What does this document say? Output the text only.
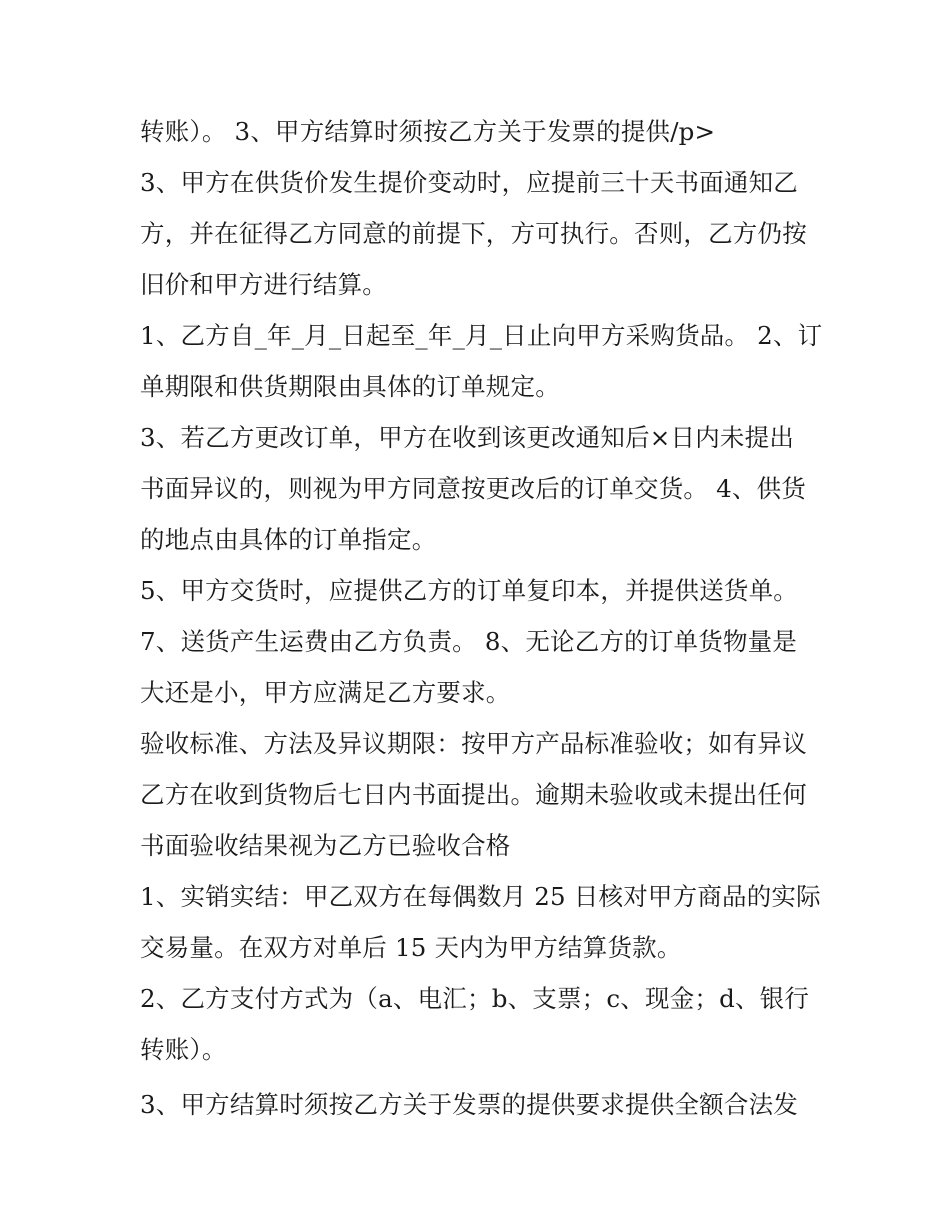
转账）。 3、甲方结算时须按乙方关于发票的提供/p>
3、甲方在供货价发生提价变动时，应提前三十天书面通知乙
方，并在征得乙方同意的前提下，方可执行。否则，乙方仍按
旧价和甲方进行结算。
1、乙方自_年_月_日起至_年_月_日止向甲方采购货品。 2、订
单期限和供货期限由具体的订单规定。
3、若乙方更改订单，甲方在收到该更改通知后×日内未提出
书面异议的，则视为甲方同意按更改后的订单交货。 4、供货
的地点由具体的订单指定。
5、甲方交货时，应提供乙方的订单复印本，并提供送货单。
7、送货产生运费由乙方负责。 8、无论乙方的订单货物量是
大还是小，甲方应满足乙方要求。
验收标准、方法及异议期限：按甲方产品标准验收；如有异议
乙方在收到货物后七日内书面提出。逾期未验收或未提出任何
书面验收结果视为乙方已验收合格
1、实销实结：甲乙双方在每偶数月 25 日核对甲方商品的实际
交易量。在双方对单后 15 天内为甲方结算货款。
2、乙方支付方式为（a、电汇；b、支票；c、现金；d、银行
转账）。
3、甲方结算时须按乙方关于发票的提供要求提供全额合法发
